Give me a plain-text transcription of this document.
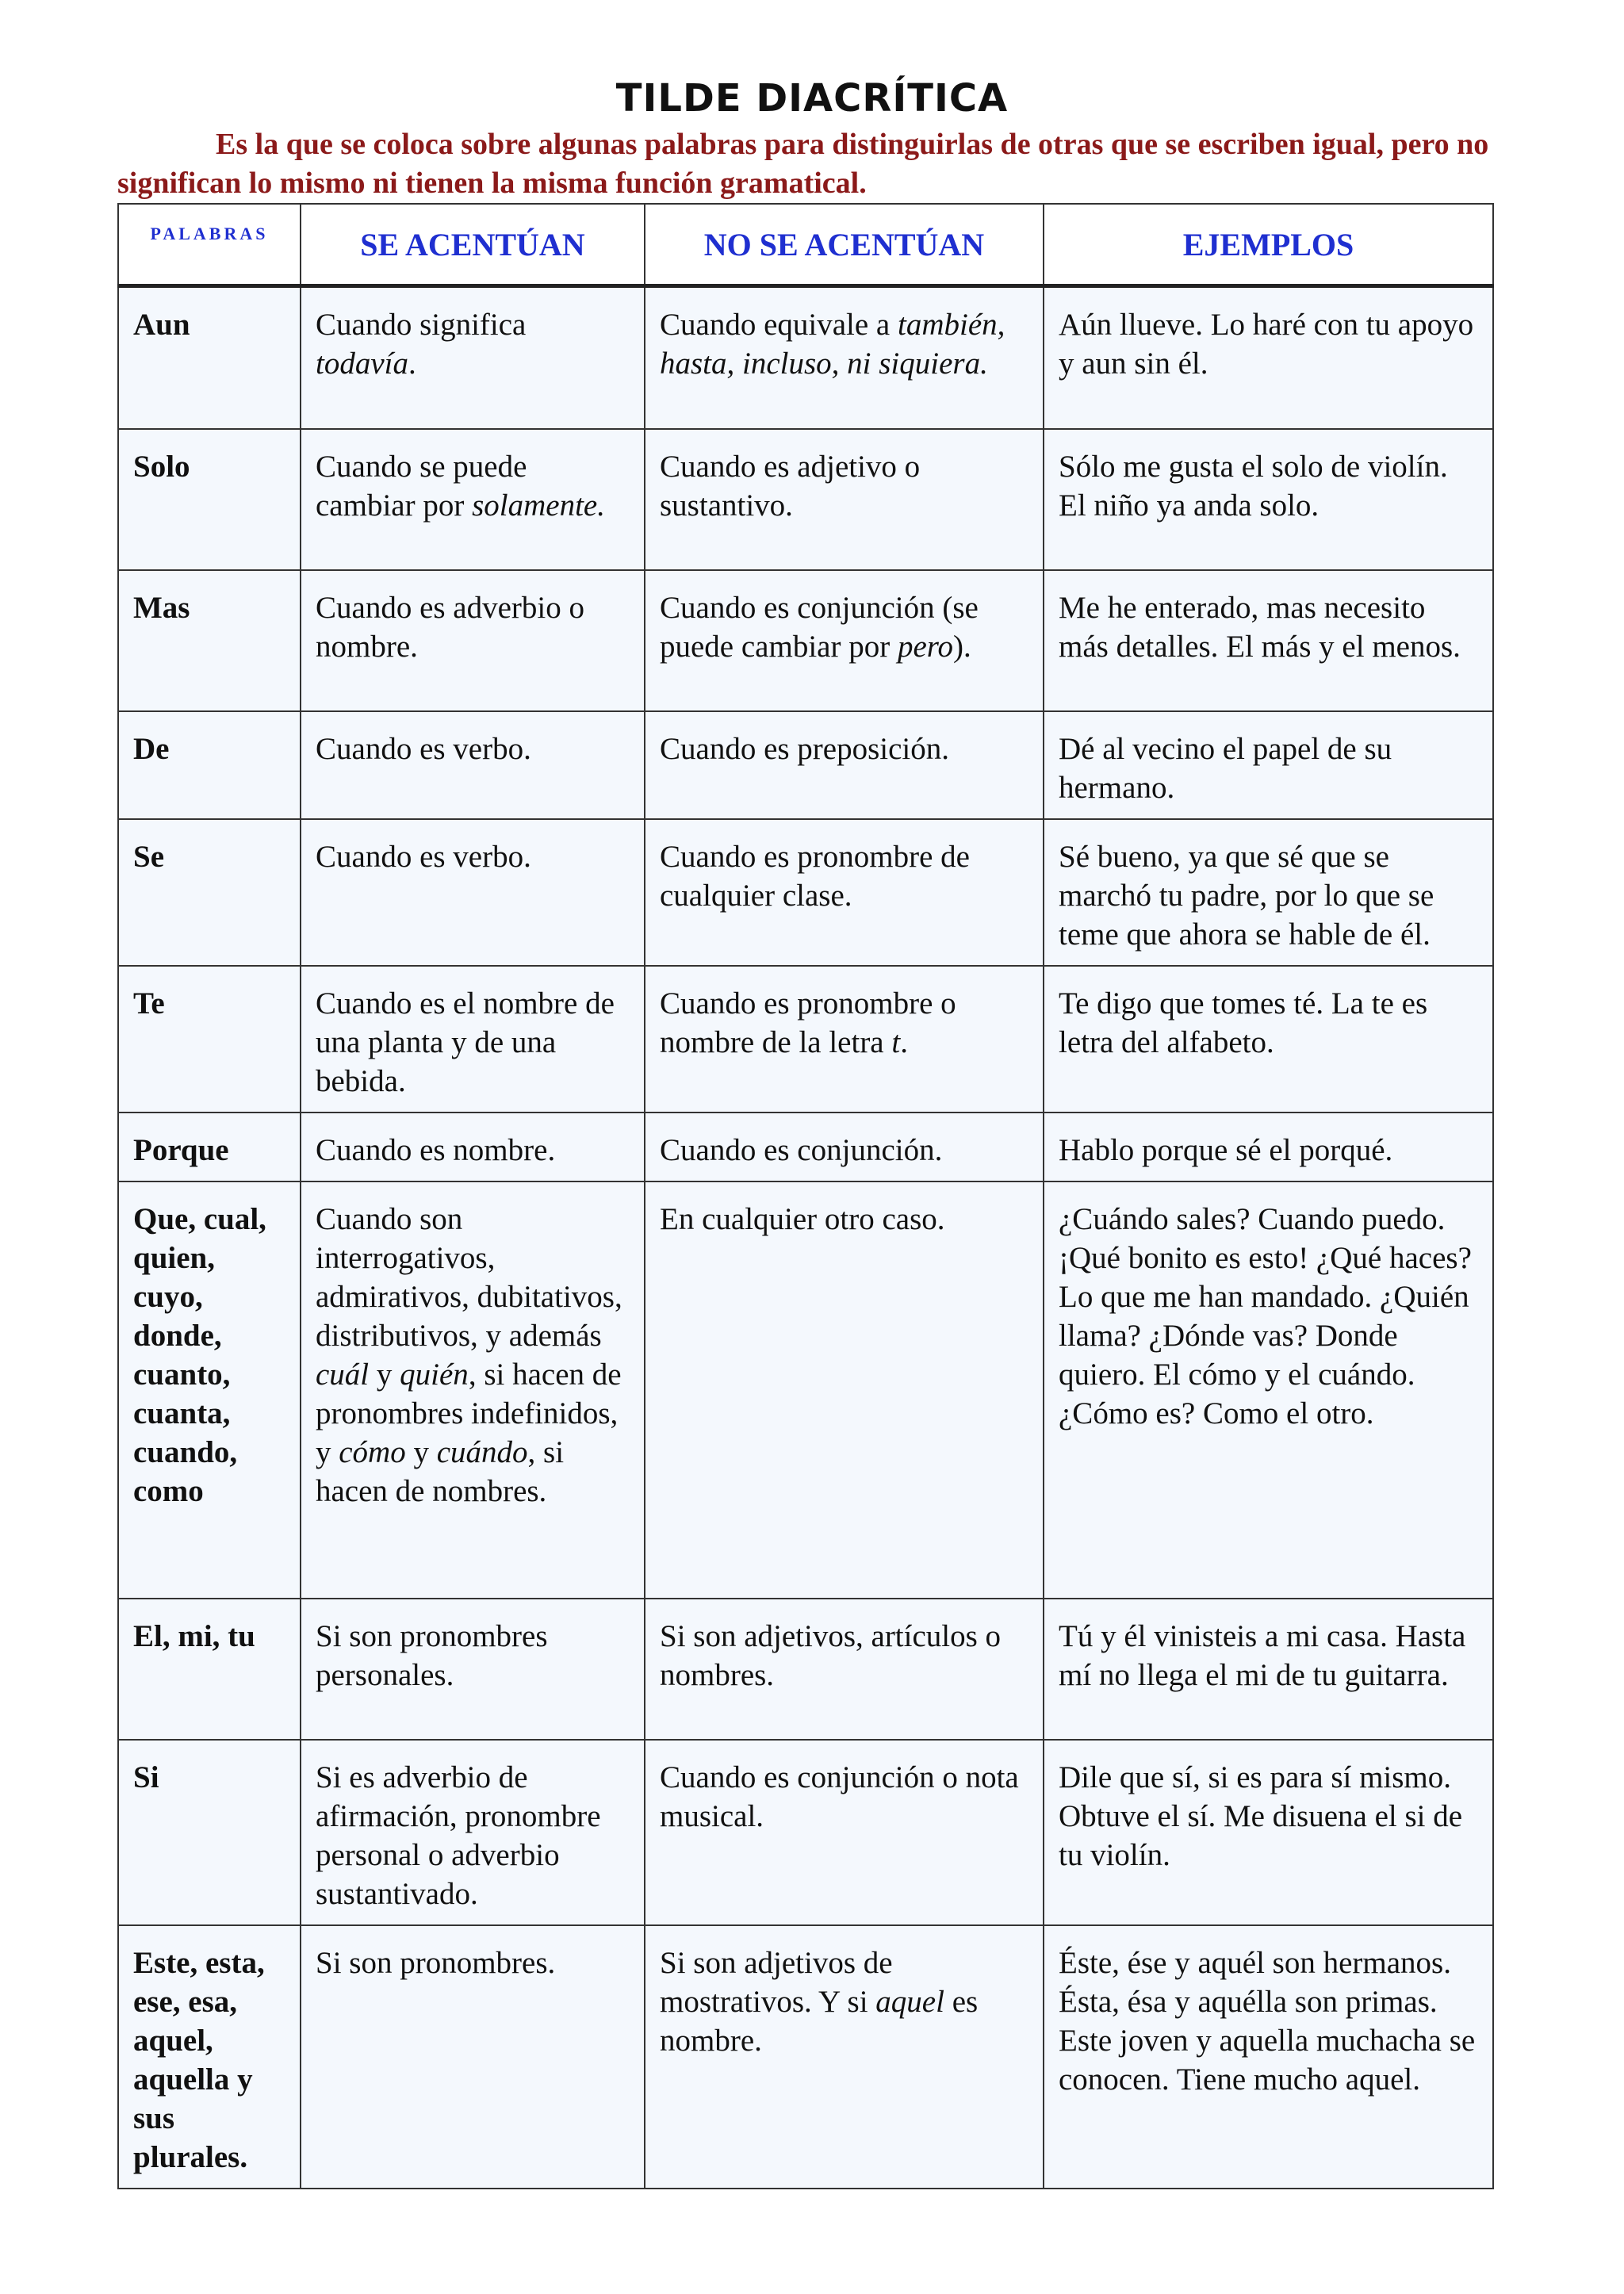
TILDE DIACRÍTICA
Es la que se coloca sobre algunas palabras para distinguirlas de otras que se escriben igual, pero no significan lo mismo ni tienen la misma función gramatical.
PALABRAS	SE ACENTÚAN	NO SE ACENTÚAN	EJEMPLOS
Aun	Cuando significa todavía.	Cuando equivale a también, hasta, incluso, ni siquiera.	Aún llueve. Lo haré con tu apoyo y aun sin él.
Solo	Cuando se puede cambiar por solamente.	Cuando es adjetivo o sustantivo.	Sólo me gusta el solo de violín. El niño ya anda solo.
Mas	Cuando es adverbio o nombre.	Cuando es conjunción (se puede cambiar por pero).	Me he enterado, mas necesito más detalles. El más y el menos.
De	Cuando es verbo.	Cuando es preposición.	Dé al vecino el papel de su hermano.
Se	Cuando es verbo.	Cuando es pronombre de cualquier clase.	Sé bueno, ya que sé que se marchó tu padre, por lo que se teme que ahora se hable de él.
Te	Cuando es el nombre de una planta y de una bebida.	Cuando es pronombre o nombre de la letra t.	Te digo que tomes té. La te es letra del alfabeto.
Porque	Cuando es nombre.	Cuando es conjunción.	Hablo porque sé el porqué.
Que, cual, quien, cuyo, donde, cuanto, cuanta, cuando, como	Cuando son interrogativos, admirativos, dubitativos, distributivos, y además cuál y quién, si hacen de pronombres indefinidos, y cómo y cuándo, si hacen de nombres.	En cualquier otro caso.	¿Cuándo sales? Cuando puedo. ¡Qué bonito es esto! ¿Qué haces? Lo que me han mandado. ¿Quién llama? ¿Dónde vas? Donde quiero. El cómo y el cuándo. ¿Cómo es? Como el otro.
El, mi, tu	Si son pronombres personales.	Si son adjetivos, artículos o nombres.	Tú y él vinisteis a mi casa. Hasta mí no llega el mi de tu guitarra.
Si	Si es adverbio de afirmación, pronombre personal o adverbio sustantivado.	Cuando es conjunción o nota musical.	Dile que sí, si es para sí mismo. Obtuve el sí. Me disuena el si de tu violín.
Este, esta, ese, esa, aquel, aquella y sus plurales.	Si son pronombres.	Si son adjetivos de mostrativos. Y si aquel es nombre.	Éste, ése y aquél son hermanos. Ésta, ésa y aquélla son primas. Este joven y aquella muchacha se conocen. Tiene mucho aquel.
